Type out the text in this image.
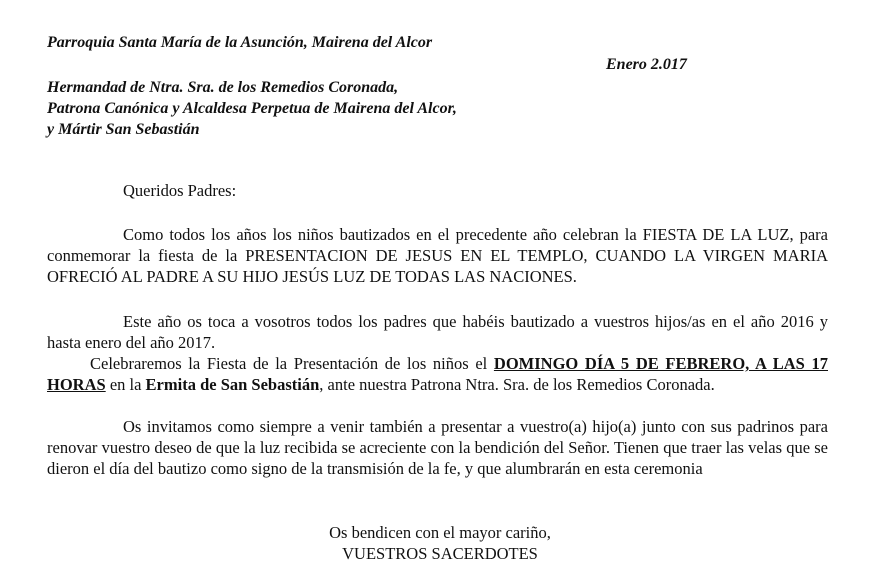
Parroquia Santa María de la Asunción, Mairena del Alcor
Enero 2.017
Hermandad de Ntra. Sra. de los Remedios Coronada,
Patrona Canónica y Alcaldesa Perpetua de Mairena del Alcor,
y Mártir San Sebastián
Queridos Padres:

Como todos los años los niños bautizados en el precedente año celebran la FIESTA DE LA LUZ, para conmemorar la fiesta de la PRESENTACION DE JESUS EN EL TEMPLO, CUANDO LA VIRGEN MARIA OFRECIÓ AL PADRE A SU HIJO JESÚS LUZ DE TODAS LAS NACIONES.

Este año os toca a vosotros todos los padres que habéis bautizado a vuestros hijos/as en el año 2016 y hasta enero del año 2017.

Celebraremos la Fiesta de la Presentación de los niños el DOMINGO DÍA 5 DE FEBRERO, A LAS 17 HORAS en la Ermita de San Sebastián, ante nuestra Patrona Ntra. Sra. de los Remedios Coronada.

Os invitamos como siempre a venir también a presentar a vuestro(a) hijo(a) junto con sus padrinos para renovar vuestro deseo de que la luz recibida se acreciente con la bendición del Señor. Tienen que traer las velas que se dieron el día del bautizo como signo de la transmisión de la fe, y que alumbrarán en esta ceremonia

Os bendicen con el mayor cariño,
VUESTROS SACERDOTES
